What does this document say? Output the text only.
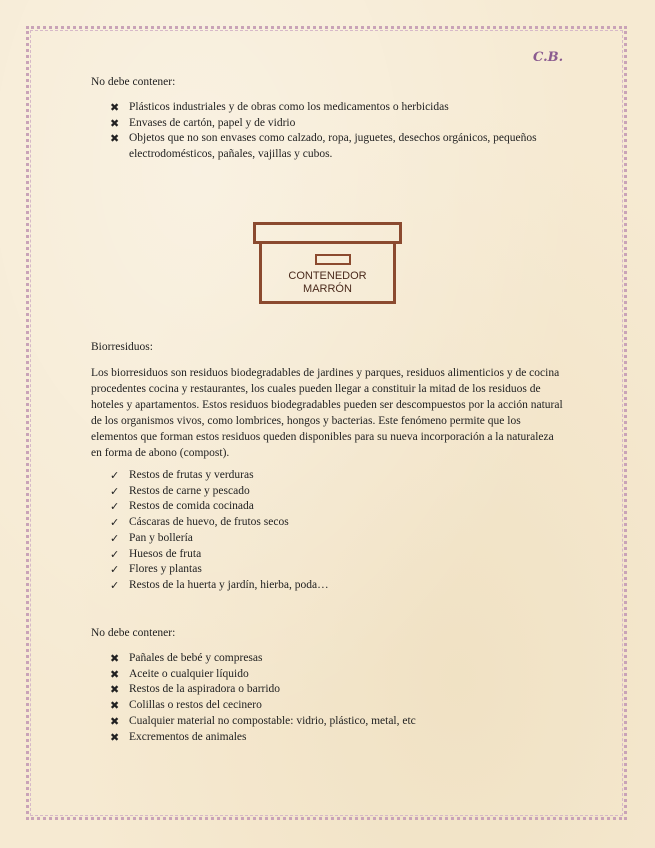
C.B.
No debe contener:
✖ Plásticos industriales y de obras como los medicamentos o herbicidas
✖ Envases de cartón, papel y de vidrio
✖ Objetos que no son envases como calzado, ropa, juguetes, desechos orgánicos, pequeños electrodomésticos, pañales, vajillas y cubos.
CONTENEDOR
MARRÓN
Biorresiduos:
Los biorresiduos son residuos biodegradables de jardines y parques, residuos alimenticios y de cocina procedentes cocina y restaurantes, los cuales pueden llegar a constituir la mitad de los residuos de hoteles y apartamentos. Estos residuos biodegradables pueden ser descompuestos por la acción natural de los organismos vivos, como lombrices, hongos y bacterias. Este fenómeno permite que los elementos que forman estos residuos queden disponibles para su nueva incorporación a la naturaleza en forma de abono (compost).
✓ Restos de frutas y verduras
✓ Restos de carne y pescado
✓ Restos de comida cocinada
✓ Cáscaras de huevo, de frutos secos
✓ Pan y bollería
✓ Huesos de fruta
✓ Flores y plantas
✓ Restos de la huerta y jardín, hierba, poda…
No debe contener:
✖ Pañales de bebé y compresas
✖ Aceite o cualquier líquido
✖ Restos de la aspiradora o barrido
✖ Colillas o restos del cecinero
✖ Cualquier material no compostable: vidrio, plástico, metal, etc
✖ Excrementos de animales
